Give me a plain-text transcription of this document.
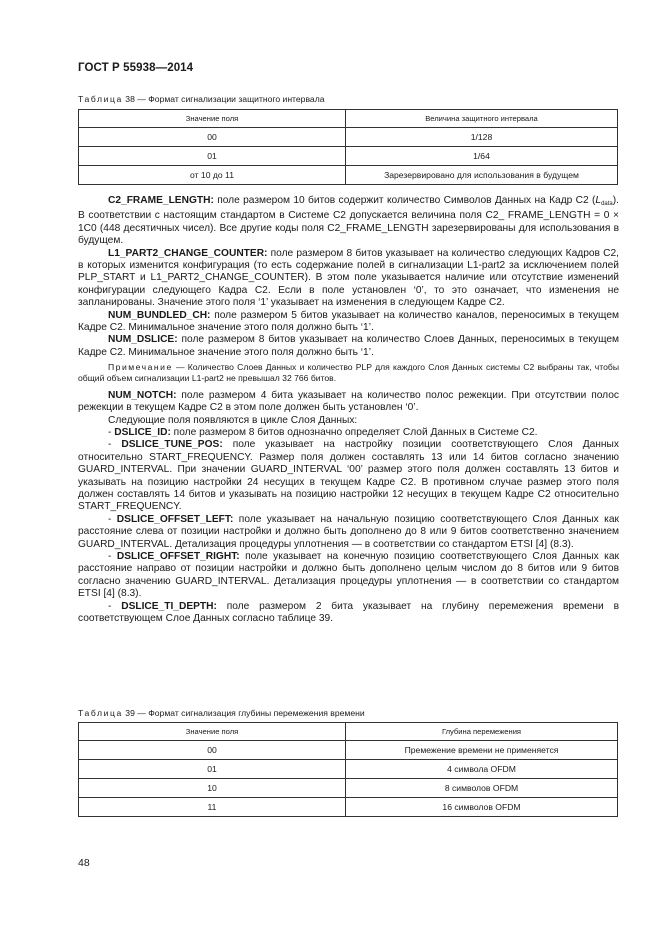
ГОСТ Р 55938—2014
Таблица 38 — Формат сигнализации защитного интервала
Значение поля	Величина защитного интервала
00	1/128
01	1/64
от 10 до 11	Зарезервировано для использования в будущем

C2_FRAME_LENGTH: поле размером 10 битов содержит количество Символов Данных на Кадр С2 $(L_{data})$. В соответствии с настоящим стандартом в Системе С2 допускается величина поля C2_ FRAME_LENGTH = 0 × 1C0 (448 десятичных чисел). Все другие коды поля C2_FRAME_LENGTH зарезервированы для использования в будущем.

L1_PART2_CHANGE_COUNTER: поле размером 8 битов указывает на количество следующих Кадров С2, в которых изменится конфигурация (то есть содержание полей в сигнализации L1-part2 за исключением полей PLP_START и L1_PART2_CHANGE_COUNTER). В этом поле указывается наличие или отсутствие изменений конфигурации следующего Кадра С2. Если в поле установлен ‘0’, то это означает, что изменения не запланированы. Значение этого поля ‘1’ указывает на изменения в следующем Кадре С2.

NUM_BUNDLED_CH: поле размером 5 битов указывает на количество каналов, переносимых в текущем Кадре С2. Минимальное значение этого поля должно быть ‘1’.

NUM_DSLICE: поле размером 8 битов указывает на количество Слоев Данных, переносимых в текущем Кадре С2. Минимальное значение этого поля должно быть ‘1’.

Примечание — Количество Слоев Данных и количество PLP для каждого Слоя Данных системы С2 выбраны так, чтобы общий объем сигнализации L1-part2 не превышал 32 766 битов.

NUM_NOTCH: поле размером 4 бита указывает на количество полос режекции. При отсутствии полос режекции в текущем Кадре С2 в этом поле должен быть установлен ‘0’.

Следующие поля появляются в цикле Слоя Данных:

- DSLICE_ID: поле размером 8 битов однозначно определяет Слой Данных в Системе С2.

- DSLICE_TUNE_POS: поле указывает на настройку позиции соответствующего Слоя Данных относительно START_FREQUENCY. Размер поля должен составлять 13 или 14 битов согласно значению GUARD_INTERVAL. При значении GUARD_INTERVAL ‘00’ размер этого поля должен составлять 13 битов и указывать на позицию настройки 24 несущих в текущем Кадре С2. В противном случае размер этого поля должен составлять 14 битов и указывать на позицию настройки 12 несущих в текущем Кадре С2 относительно START_FREQUENCY.

- DSLICE_OFFSET_LEFT: поле указывает на начальную позицию соответствующего Слоя Данных как расстояние слева от позиции настройки и должно быть дополнено до 8 или 9 битов соответственно значением GUARD_INTERVAL. Детализация процедуры уплотнения — в соответствии со стандартом ETSI [4] (8.3).

- DSLICE_OFFSET_RIGHT: поле указывает на конечную позицию соответствующего Слоя Данных как расстояние направо от позиции настройки и должно быть дополнено целым числом до 8 битов или 9 битов согласно значению GUARD_INTERVAL. Детализация процедуры уплотнения — в соответствии со стандартом ETSI [4] (8.3).

- DSLICE_TI_DEPTH: поле размером 2 бита указывает на глубину перемежения времени в соответствующем Слое Данных согласно таблице 39.

Таблица 39 — Формат сигнализация глубины перемежения времени
Значение поля	Глубина перемежения
00	Премежение времени не применяется
01	4 символа OFDM
10	8 символов OFDM
11	16 символов OFDM
48
